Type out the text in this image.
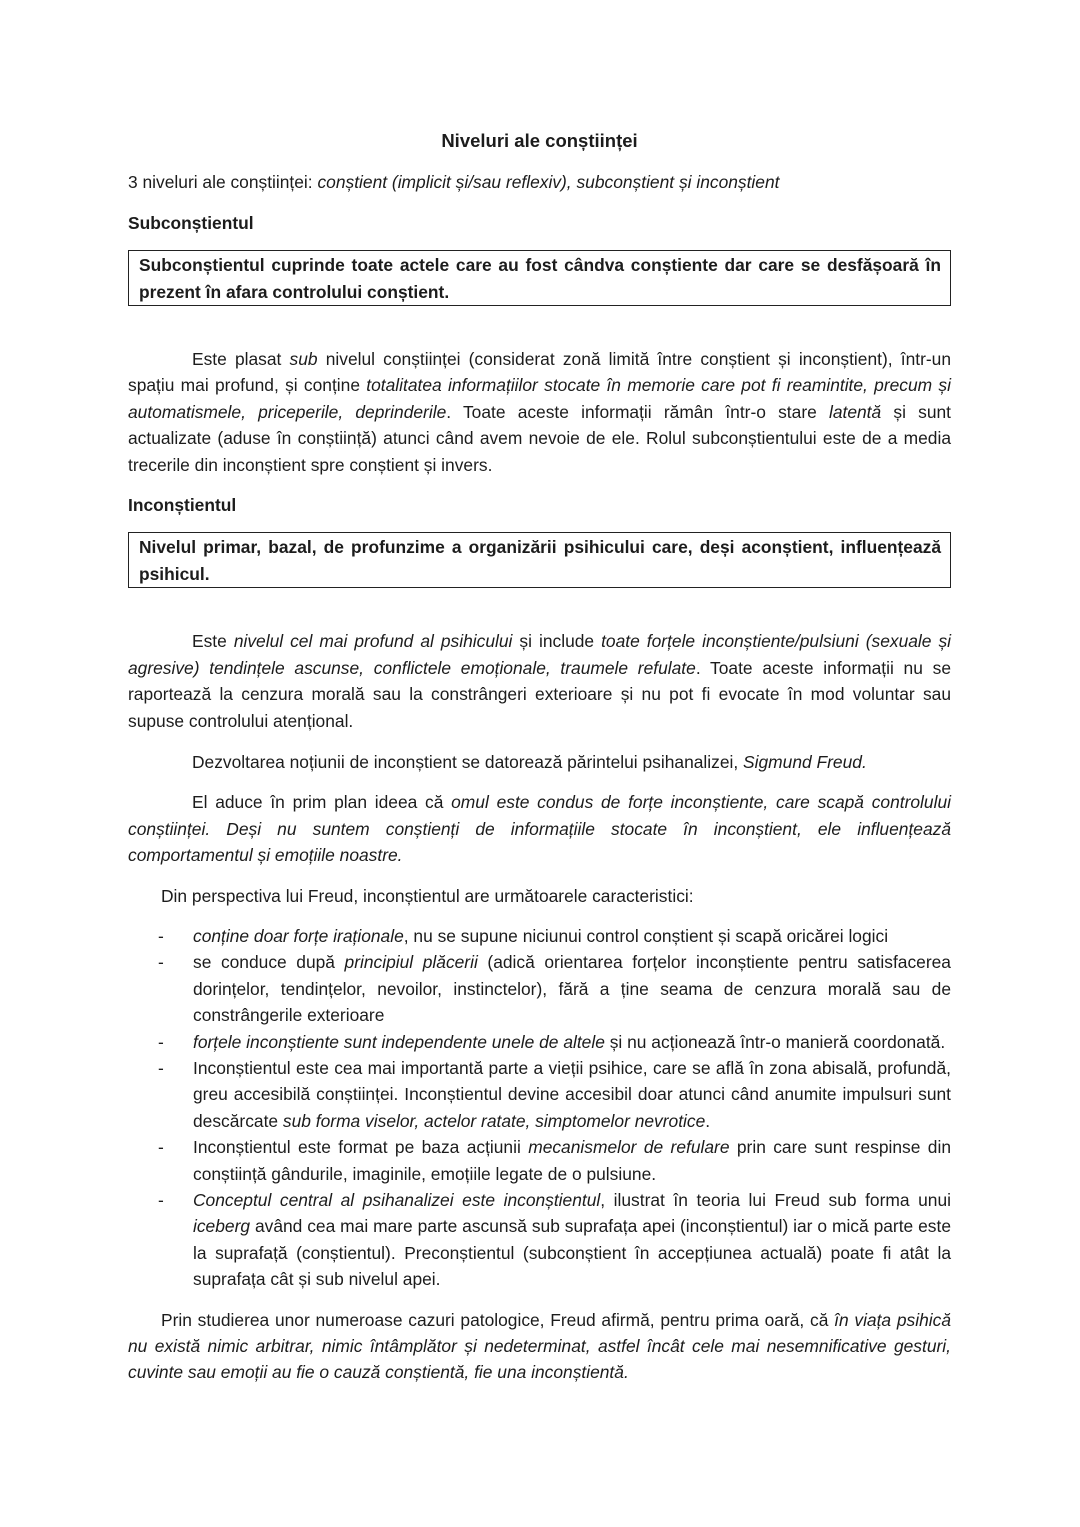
Niveluri ale conștiinței

3 niveluri ale conștiinței: conștient (implicit și/sau reflexiv), subconștient și inconștient

Subconștientul
Subconștientul cuprinde toate actele care au fost cândva conștiente dar care se desfășoară în prezent în afara controlului conștient.

Este plasat sub nivelul conștiinței (considerat zonă limită între conștient și inconștient), într-un spațiu mai profund, și conține totalitatea informațiilor stocate în memorie care pot fi reamintite, precum și automatismele, priceperile, deprinderile. Toate aceste informații rămân într-o stare latentă și sunt actualizate (aduse în conștiință) atunci când avem nevoie de ele. Rolul subconștientului este de a media trecerile din inconștient spre conștient și invers.

Inconștientul
Nivelul primar, bazal, de profunzime a organizării psihicului care, deși aconștient, influențează psihicul.

Este nivelul cel mai profund al psihicului și include toate forțele inconștiente/pulsiuni (sexuale și agresive) tendințele ascunse, conflictele emoționale, traumele refulate. Toate aceste informații nu se raportează la cenzura morală sau la constrângeri exterioare și nu pot fi evocate în mod voluntar sau supuse controlului atențional.

Dezvoltarea noțiunii de inconștient se datorează părintelui psihanalizei, Sigmund Freud.

El aduce în prim plan ideea că omul este condus de forțe inconștiente, care scapă controlului conștiinței. Deși nu suntem conștienți de informațiile stocate în inconștient, ele influențează comportamentul și emoțiile noastre.

Din perspectiva lui Freud, inconștientul are următoarele caracteristici:

- conține doar forțe iraționale, nu se supune niciunui control conștient și scapă oricărei logici
- se conduce după principiul plăcerii (adică orientarea forțelor inconștiente pentru satisfacerea dorințelor, tendințelor, nevoilor, instinctelor), fără a ține seama de cenzura morală sau de constrângerile exterioare
- forțele inconștiente sunt independente unele de altele și nu acționează într-o manieră coordonată.
- Inconștientul este cea mai importantă parte a vieții psihice, care se află în zona abisală, profundă, greu accesibilă conștiinței. Inconștientul devine accesibil doar atunci când anumite impulsuri sunt descărcate sub forma viselor, actelor ratate, simptomelor nevrotice.
- Inconștientul este format pe baza acțiunii mecanismelor de refulare prin care sunt respinse din conștiință gândurile, imaginile, emoțiile legate de o pulsiune.
- Conceptul central al psihanalizei este inconștientul, ilustrat în teoria lui Freud sub forma unui iceberg având cea mai mare parte ascunsă sub suprafața apei (inconștientul) iar o mică parte este la suprafață (conștientul). Preconștientul (subconștient în accepțiunea actuală) poate fi atât la suprafața cât și sub nivelul apei.

Prin studierea unor numeroase cazuri patologice, Freud afirmă, pentru prima oară, că în viața psihică nu există nimic arbitrar, nimic întâmplător și nedeterminat, astfel încât cele mai nesemnificative gesturi, cuvinte sau emoții au fie o cauză conștientă, fie una inconștientă.
